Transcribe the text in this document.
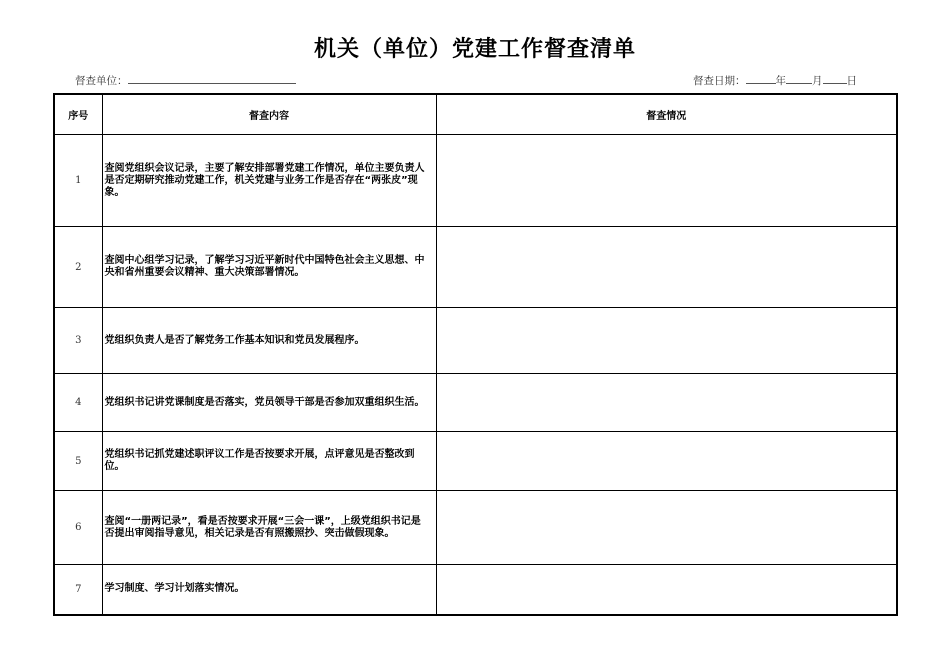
机关（单位）党建工作督查清单
督查单位：	督查日期：	年 月 日
序号	督查内容	督查情况
1	查阅党组织会议记录，主要了解安排部署党建工作情况，单位主要负责人是否定期研究推动党建工作，机关党建与业务工作是否存在“两张皮”现象。	
2	查阅中心组学习记录，了解学习习近平新时代中国特色社会主义思想、中央和省州重要会议精神、重大决策部署情况。	
3	党组织负责人是否了解党务工作基本知识和党员发展程序。	
4	党组织书记讲党课制度是否落实，党员领导干部是否参加双重组织生活。	
5	党组织书记抓党建述职评议工作是否按要求开展，点评意见是否整改到位。	
6	查阅“一册两记录”，看是否按要求开展“三会一课”，上级党组织书记是否提出审阅指导意见，相关记录是否有照搬照抄、突击做假现象。	
7	学习制度、学习计划落实情况。	
